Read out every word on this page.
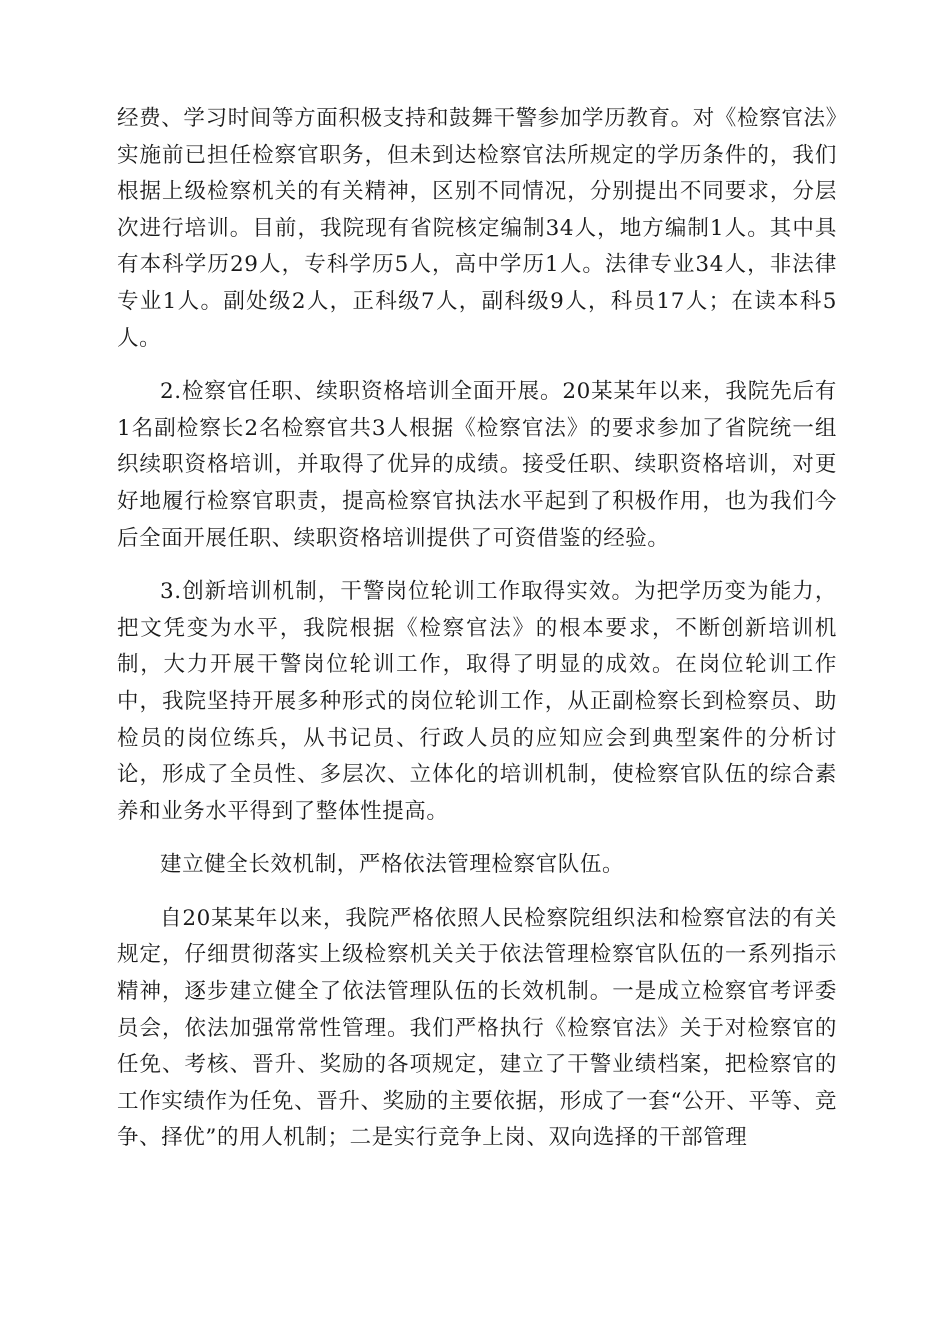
经费、学习时间等方面积极支持和鼓舞干警参加学历教育。对《检察官法》实施前已担任检察官职务，但未到达检察官法所规定的学历条件的，我们根据上级检察机关的有关精神，区别不同情况，分别提出不同要求，分层次进行培训。目前，我院现有省院核定编制34人，地方编制1人。其中具有本科学历29人，专科学历5人，高中学历1人。法律专业34人，非法律专业1人。副处级2人，正科级7人，副科级9人，科员17人；在读本科5人。

2.检察官任职、续职资格培训全面开展。20某某年以来，我院先后有1名副检察长2名检察官共3人根据《检察官法》的要求参加了省院统一组织续职资格培训，并取得了优异的成绩。接受任职、续职资格培训，对更好地履行检察官职责，提高检察官执法水平起到了积极作用，也为我们今后全面开展任职、续职资格培训提供了可资借鉴的经验。

3.创新培训机制，干警岗位轮训工作取得实效。为把学历变为能力，把文凭变为水平，我院根据《检察官法》的根本要求，不断创新培训机制，大力开展干警岗位轮训工作，取得了明显的成效。在岗位轮训工作中，我院坚持开展多种形式的岗位轮训工作，从正副检察长到检察员、助检员的岗位练兵，从书记员、行政人员的应知应会到典型案件的分析讨论，形成了全员性、多层次、立体化的培训机制，使检察官队伍的综合素养和业务水平得到了整体性提高。

建立健全长效机制，严格依法管理检察官队伍。

自20某某年以来，我院严格依照人民检察院组织法和检察官法的有关规定，仔细贯彻落实上级检察机关关于依法管理检察官队伍的一系列指示精神，逐步建立健全了依法管理队伍的长效机制。一是成立检察官考评委员会，依法加强常常性管理。我们严格执行《检察官法》关于对检察官的任免、考核、晋升、奖励的各项规定，建立了干警业绩档案，把检察官的工作实绩作为任免、晋升、奖励的主要依据，形成了一套“公开、平等、竞争、择优”的用人机制；二是实行竞争上岗、双向选择的干部管理
